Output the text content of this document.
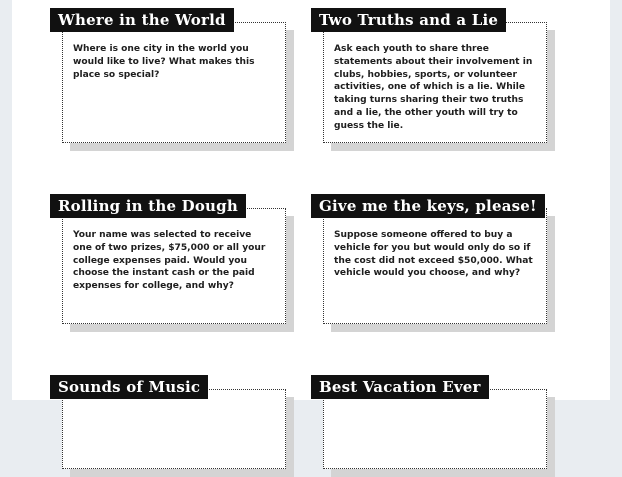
Where is one city in the world you would like to live? What makes this place so special?
Where in the World
Ask each youth to share three statements about their involvement in clubs, hobbies, sports, or volunteer activities, one of which is a lie. While taking turns sharing their two truths and a lie, the other youth will try to guess the lie.
Two Truths and a Lie
Your name was selected to receive one of two prizes, $75,000 or all your college expenses paid. Would you choose the instant cash or the paid expenses for college, and why?
Rolling in the Dough
Suppose someone offered to buy a vehicle for you but would only do so if the cost did not exceed $50,000. What vehicle would you choose, and why?
Give me the keys, please!
Sounds of Music	Best Vacation Ever
